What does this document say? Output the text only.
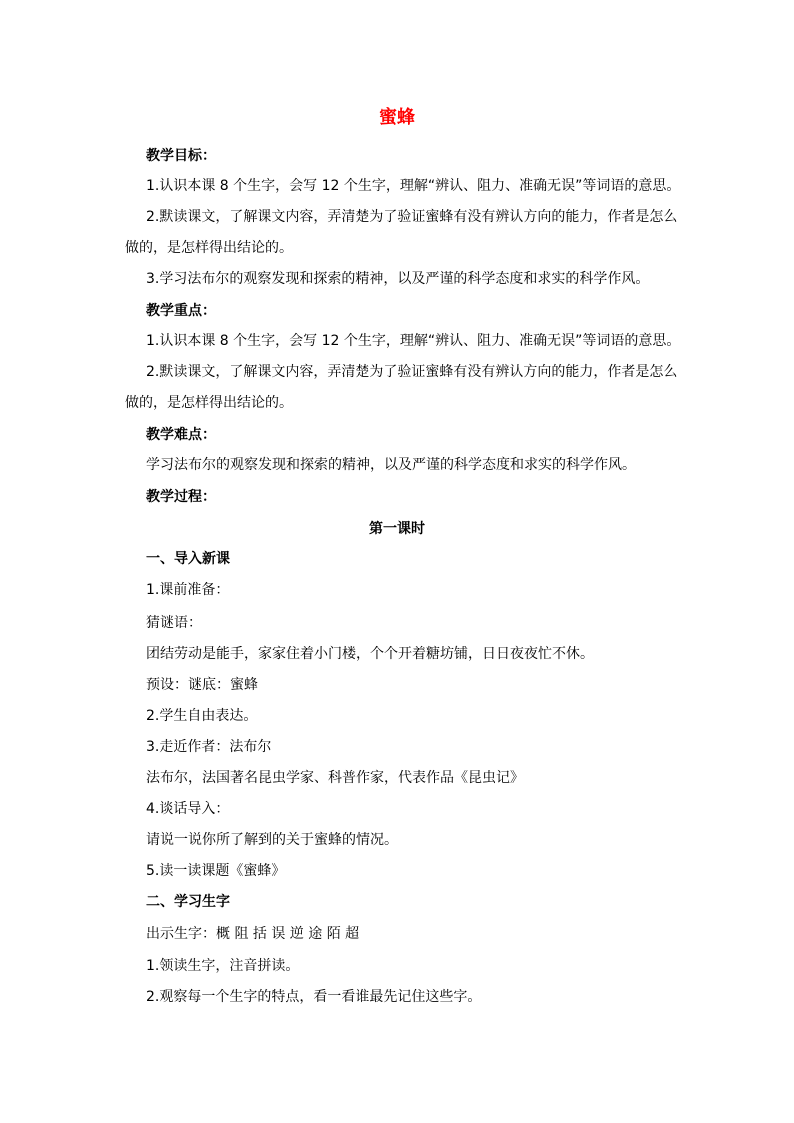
蜜蜂

教学目标：

1.认识本课 8 个生字，会写 12 个生字，理解“辨认、阻力、准确无误”等词语的意思。

2.默读课文，了解课文内容，弄清楚为了验证蜜蜂有没有辨认方向的能力，作者是怎么

做的，是怎样得出结论的。

3.学习法布尔的观察发现和探索的精神，以及严谨的科学态度和求实的科学作风。

教学重点：

1.认识本课 8 个生字，会写 12 个生字，理解“辨认、阻力、准确无误”等词语的意思。

2.默读课文，了解课文内容，弄清楚为了验证蜜蜂有没有辨认方向的能力，作者是怎么

做的，是怎样得出结论的。

教学难点：

学习法布尔的观察发现和探索的精神，以及严谨的科学态度和求实的科学作风。

教学过程：

第一课时

一、导入新课

1.课前准备：

猜谜语：

团结劳动是能手，家家住着小门楼，个个开着糖坊铺，日日夜夜忙不休。

预设：谜底：蜜蜂

2.学生自由表达。

3.走近作者：法布尔

法布尔，法国著名昆虫学家、科普作家，代表作品《昆虫记》

4.谈话导入：

请说一说你所了解到的关于蜜蜂的情况。

5.读一读课题《蜜蜂》

二、学习生字

出示生字：概 阻 括 误 逆 途 陌 超

1.领读生字，注音拼读。

2.观察每一个生字的特点，看一看谁最先记住这些字。
